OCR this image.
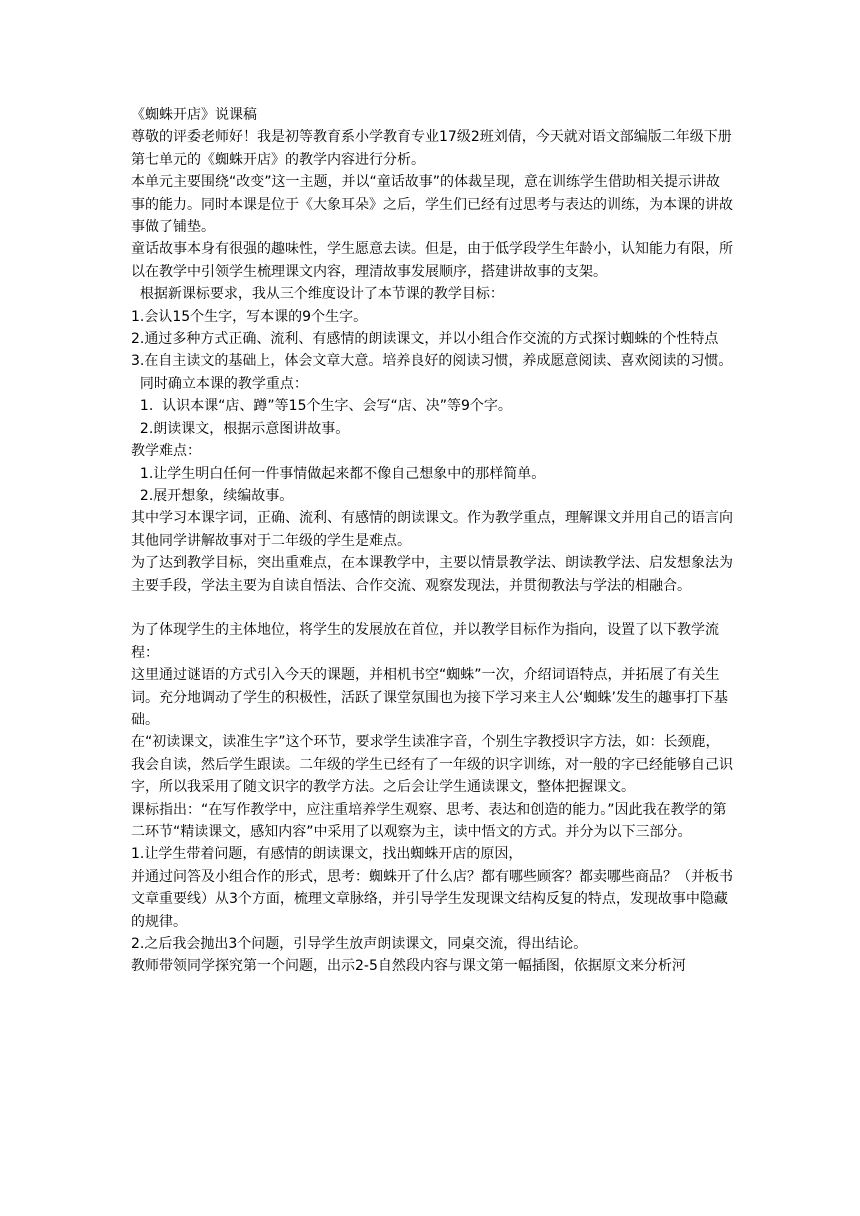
《蜘蛛开店》说课稿

尊敬的评委老师好！我是初等教育系小学教育专业17级2班刘倩，今天就对语文部编版二年级下册第七单元的《蜘蛛开店》的教学内容进行分析。

本单元主要围绕“改变”这一主题，并以“童话故事”的体裁呈现，意在训练学生借助相关提示讲故事的能力。同时本课是位于《大象耳朵》之后，学生们已经有过思考与表达的训练，为本课的讲故事做了铺垫。

童话故事本身有很强的趣味性，学生愿意去读。但是，由于低学段学生年龄小，认知能力有限，所以在教学中引领学生梳理课文内容，理清故事发展顺序，搭建讲故事的支架。

根据新课标要求，我从三个维度设计了本节课的教学目标：

1.会认15个生字，写本课的9个生字。

2.通过多种方式正确、流利、有感情的朗读课文，并以小组合作交流的方式探讨蜘蛛的个性特点

3.在自主读文的基础上，体会文章大意。培养良好的阅读习惯，养成愿意阅读、喜欢阅读的习惯。

同时确立本课的教学重点：

1.  认识本课“店、蹲”等15个生字、会写“店、决”等9个字。

2.朗读课文，根据示意图讲故事。

教学难点：

1.让学生明白任何一件事情做起来都不像自己想象中的那样简单。

2.展开想象，续编故事。

其中学习本课字词，正确、流利、有感情的朗读课文。作为教学重点，理解课文并用自己的语言向其他同学讲解故事对于二年级的学生是难点。

为了达到教学目标，突出重难点，在本课教学中，主要以情景教学法、朗读教学法、启发想象法为主要手段，学法主要为自读自悟法、合作交流、观察发现法，并贯彻教法与学法的相融合。

为了体现学生的主体地位，将学生的发展放在首位，并以教学目标作为指向，设置了以下教学流程：

这里通过谜语的方式引入今天的课题，并相机书空“蜘蛛”一次，介绍词语特点，并拓展了有关生词。充分地调动了学生的积极性，活跃了课堂氛围也为接下学习来主人公‘蜘蛛’发生的趣事打下基础。

在“初读课文，读准生字”这个环节，要求学生读准字音，个别生字教授识字方法，如：长颈鹿，我会自读，然后学生跟读。二年级的学生已经有了一年级的识字训练，对一般的字已经能够自己识字，所以我采用了随文识字的教学方法。之后会让学生通读课文，整体把握课文。

课标指出：“在写作教学中，应注重培养学生观察、思考、表达和创造的能力。”因此我在教学的第二环节“精读课文，感知内容”中采用了以观察为主，读中悟文的方式。并分为以下三部分。

1.让学生带着问题，有感情的朗读课文，找出蜘蛛开店的原因，

并通过问答及小组合作的形式，思考：蜘蛛开了什么店？都有哪些顾客？都卖哪些商品？（并板书文章重要线）从3个方面，梳理文章脉络，并引导学生发现课文结构反复的特点，发现故事中隐藏的规律。

2.之后我会抛出3个问题，引导学生放声朗读课文，同桌交流，得出结论。

教师带领同学探究第一个问题，出示2-5自然段内容与课文第一幅插图，依据原文来分析河
